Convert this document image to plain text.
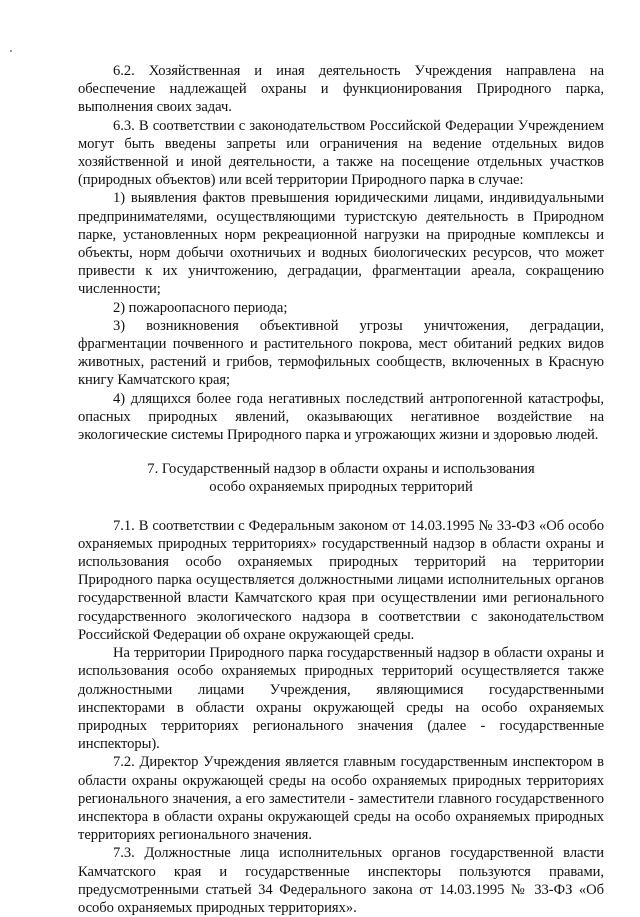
6.2. Хозяйственная и иная деятельность Учреждения направлена на обеспечение надлежащей охраны и функционирования Природного парка, выполнения своих задач.

6.3. В соответствии с законодательством Российской Федерации Учреждением могут быть введены запреты или ограничения на ведение отдельных видов хозяйственной и иной деятельности, а также на посещение отдельных участков (природных объектов) или всей территории Природного парка в случае:

1) выявления фактов превышения юридическими лицами, индивидуальными предпринимателями, осуществляющими туристскую деятельность в Природном парке, установленных норм рекреационной нагрузки на природные комплексы и объекты, норм добычи охотничьих и водных биологических ресурсов, что может привести к их уничтожению, деградации, фрагментации ареала, сокращению численности;

2) пожароопасного периода;

3) возникновения объективной угрозы уничтожения, деградации, фрагментации почвенного и растительного покрова, мест обитаний редких видов животных, растений и грибов, термофильных сообществ, включенных в Красную книгу Камчатского края;

4) длящихся более года негативных последствий антропогенной катастрофы, опасных природных явлений, оказывающих негативное воздействие на экологические системы Природного парка и угрожающих жизни и здоровью людей.

7. Государственный надзор в области охраны и использования
особо охраняемых природных территорий

7.1. В соответствии с Федеральным законом от 14.03.1995 № 33-ФЗ «Об особо охраняемых природных территориях» государственный надзор в области охраны и использования особо охраняемых природных территорий на территории Природного парка осуществляется должностными лицами исполнительных органов государственной власти Камчатского края при осуществлении ими регионального государственного экологического надзора в соответствии с законодательством Российской Федерации об охране окружающей среды.

На территории Природного парка государственный надзор в области охраны и использования особо охраняемых природных территорий осуществляется также должностными лицами Учреждения, являющимися государственными инспекторами в области охраны окружающей среды на особо охраняемых природных территориях регионального значения (далее - государственные инспекторы).

7.2. Директор Учреждения является главным государственным инспектором в области охраны окружающей среды на особо охраняемых природных территориях регионального значения, а его заместители - заместители главного государственного инспектора в области охраны окружающей среды на особо охраняемых природных территориях регионального значения.

7.3. Должностные лица исполнительных органов государственной власти Камчатского края и государственные инспекторы пользуются правами, предусмотренными статьей 34 Федерального закона от 14.03.1995 № 33-ФЗ «Об особо охраняемых природных территориях».
